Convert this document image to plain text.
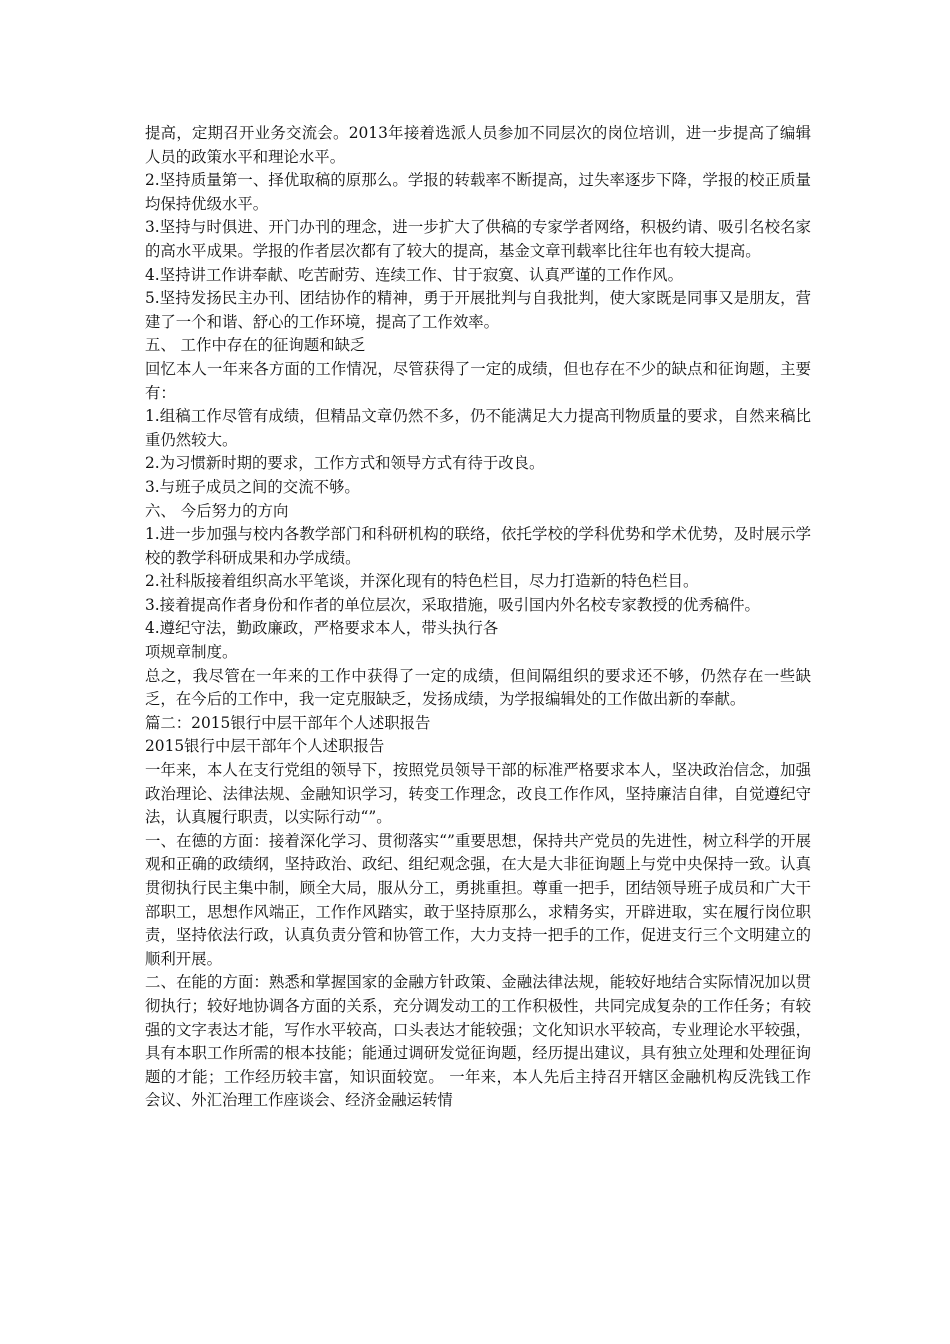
提高，定期召开业务交流会。2013年接着选派人员参加不同层次的岗位培训，进一步提高了编辑人员的政策水平和理论水平。

2.坚持质量第一、择优取稿的原那么。学报的转载率不断提高，过失率逐步下降，学报的校正质量均保持优级水平。

3.坚持与时俱进、开门办刊的理念，进一步扩大了供稿的专家学者网络，积极约请、吸引名校名家的高水平成果。学报的作者层次都有了较大的提高，基金文章刊载率比往年也有较大提高。

4.坚持讲工作讲奉献、吃苦耐劳、连续工作、甘于寂寞、认真严谨的工作作风。

5.坚持发扬民主办刊、团结协作的精神，勇于开展批判与自我批判，使大家既是同事又是朋友，营建了一个和谐、舒心的工作环境，提高了工作效率。

五、 工作中存在的征询题和缺乏

回忆本人一年来各方面的工作情况，尽管获得了一定的成绩，但也存在不少的缺点和征询题，主要有：

1.组稿工作尽管有成绩，但精品文章仍然不多，仍不能满足大力提高刊物质量的要求，自然来稿比重仍然较大。

2.为习惯新时期的要求，工作方式和领导方式有待于改良。

3.与班子成员之间的交流不够。

六、 今后努力的方向

1.进一步加强与校内各教学部门和科研机构的联络，依托学校的学科优势和学术优势，及时展示学校的教学科研成果和办学成绩。

2.社科版接着组织高水平笔谈，并深化现有的特色栏目，尽力打造新的特色栏目。

3.接着提高作者身份和作者的单位层次，采取措施，吸引国内外名校专家教授的优秀稿件。

4.遵纪守法，勤政廉政，严格要求本人，带头执行各

项规章制度。

总之，我尽管在一年来的工作中获得了一定的成绩，但间隔组织的要求还不够，仍然存在一些缺乏，在今后的工作中，我一定克服缺乏，发扬成绩，为学报编辑处的工作做出新的奉献。

篇二：2015银行中层干部年个人述职报告

2015银行中层干部年个人述职报告

一年来，本人在支行党组的领导下，按照党员领导干部的标准严格要求本人，坚决政治信念，加强政治理论、法律法规、金融知识学习，转变工作理念，改良工作作风，坚持廉洁自律，自觉遵纪守法，认真履行职责，以实际行动“”。

一、在德的方面：接着深化学习、贯彻落实“”重要思想，保持共产党员的先进性，树立科学的开展观和正确的政绩纲，坚持政治、政纪、组纪观念强，在大是大非征询题上与党中央保持一致。认真贯彻执行民主集中制，顾全大局，服从分工，勇挑重担。尊重一把手，团结领导班子成员和广大干部职工，思想作风端正，工作作风踏实，敢于坚持原那么，求精务实，开辟进取，实在履行岗位职责，坚持依法行政，认真负责分管和协管工作，大力支持一把手的工作，促进支行三个文明建立的顺利开展。

二、在能的方面：熟悉和掌握国家的金融方针政策、金融法律法规，能较好地结合实际情况加以贯彻执行；较好地协调各方面的关系，充分调发动工的工作积极性，共同完成复杂的工作任务；有较强的文字表达才能，写作水平较高，口头表达才能较强；文化知识水平较高，专业理论水平较强，具有本职工作所需的根本技能；能通过调研发觉征询题，经历提出建议，具有独立处理和处理征询题的才能；工作经历较丰富，知识面较宽。 一年来，本人先后主持召开辖区金融机构反洗钱工作会议、外汇治理工作座谈会、经济金融运转情
